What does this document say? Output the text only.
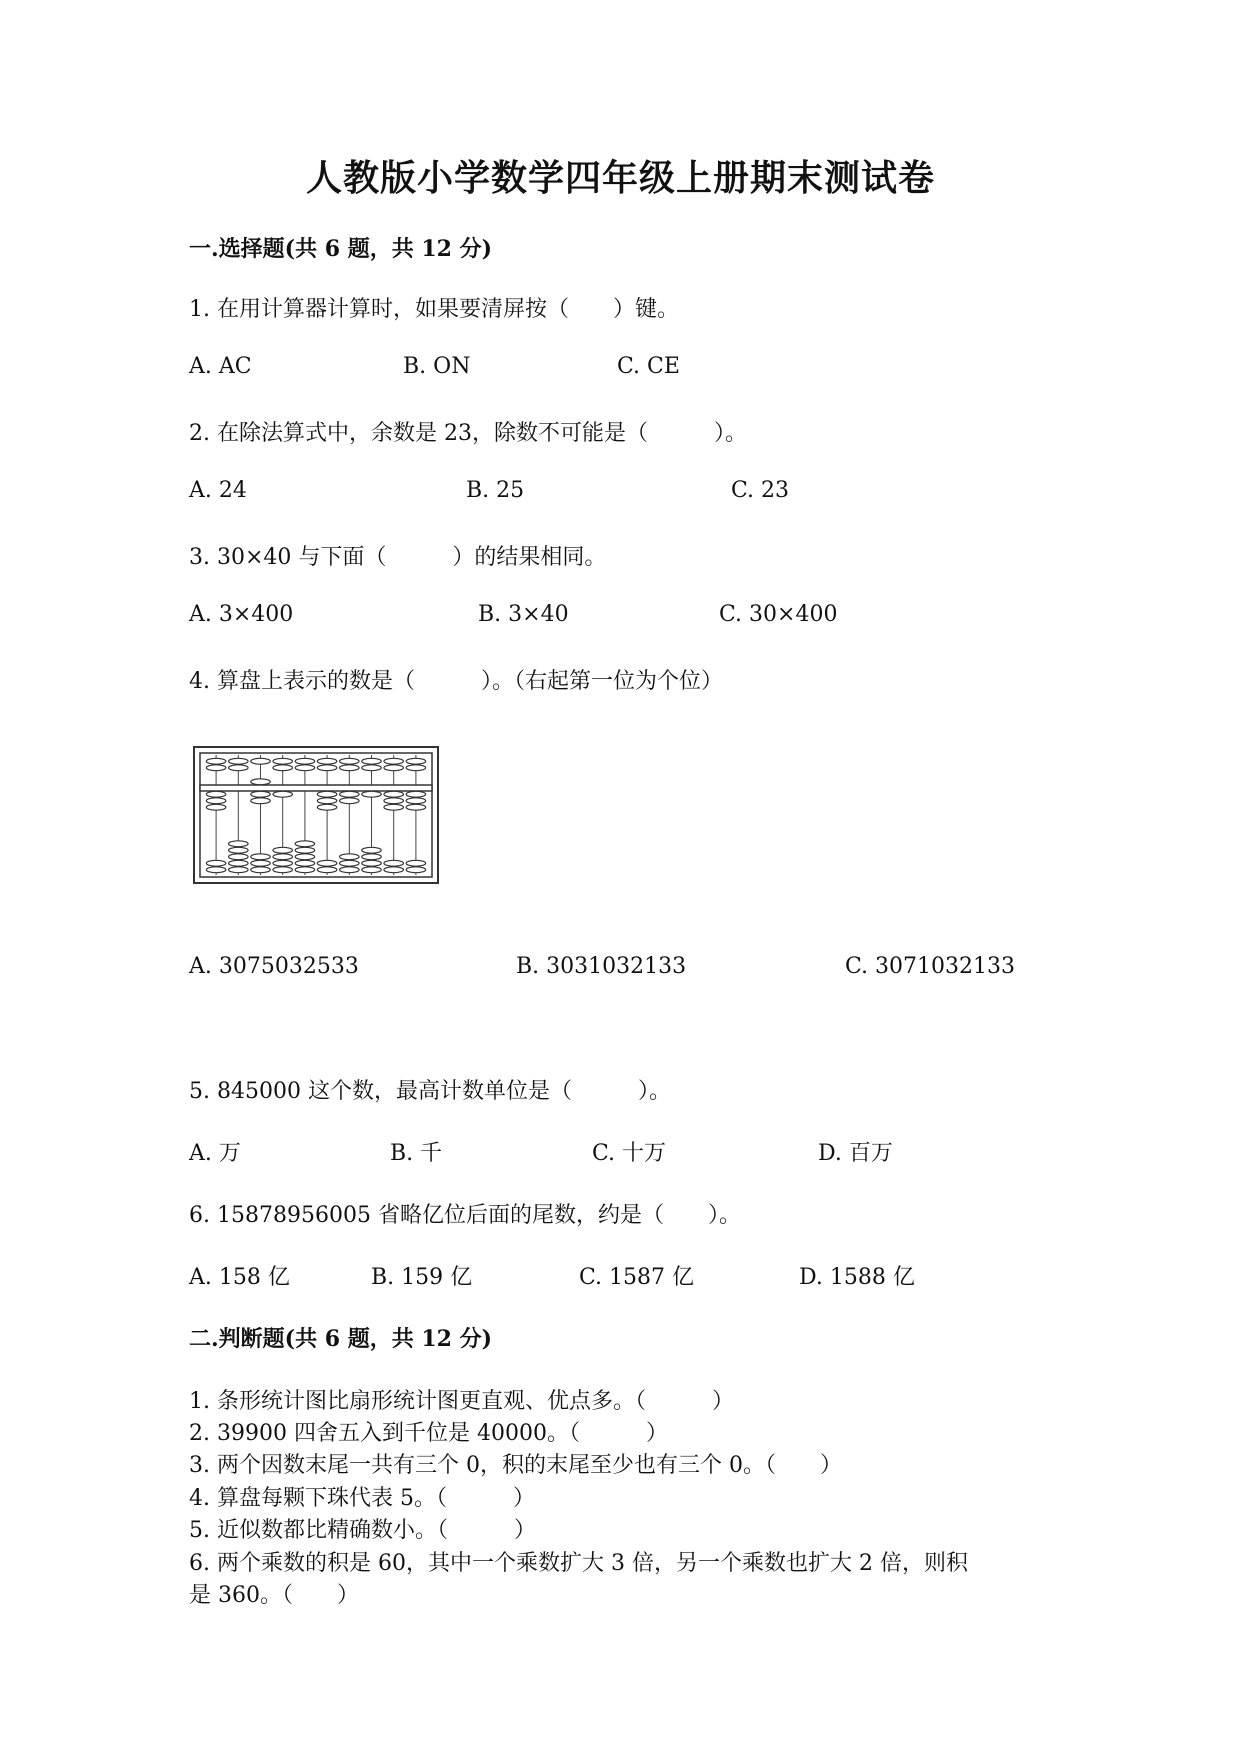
人教版小学数学四年级上册期末测试卷
一.选择题(共 6 题，共 12 分)
1. 在用计算器计算时，如果要清屏按（　　）键。
A. AC	B. ON	C. CE
2. 在除法算式中，余数是 23，除数不可能是（　　　）。
A. 24	B. 25	C. 23
3. 30×40 与下面（　　　）的结果相同。
A. 3×400	B. 3×40	C. 30×400
4. 算盘上表示的数是（　　　）。（右起第一位为个位）
A. 3075032533	B. 3031032133	C. 3071032133
5. 845000 这个数，最高计数单位是（　　　）。
A. 万	B. 千	C. 十万	D. 百万
6. 15878956005 省略亿位后面的尾数，约是（　　）。
A. 158 亿	B. 159 亿	C. 1587 亿	D. 1588 亿
二.判断题(共 6 题，共 12 分)
1. 条形统计图比扇形统计图更直观、优点多。（　　　）
2. 39900 四舍五入到千位是 40000。（　　　）
3. 两个因数末尾一共有三个 0，积的末尾至少也有三个 0。（　　）
4. 算盘每颗下珠代表 5。（　　　）
5. 近似数都比精确数小。（　　　）
6. 两个乘数的积是 60，其中一个乘数扩大 3 倍，另一个乘数也扩大 2 倍，则积
是 360。（　　）
